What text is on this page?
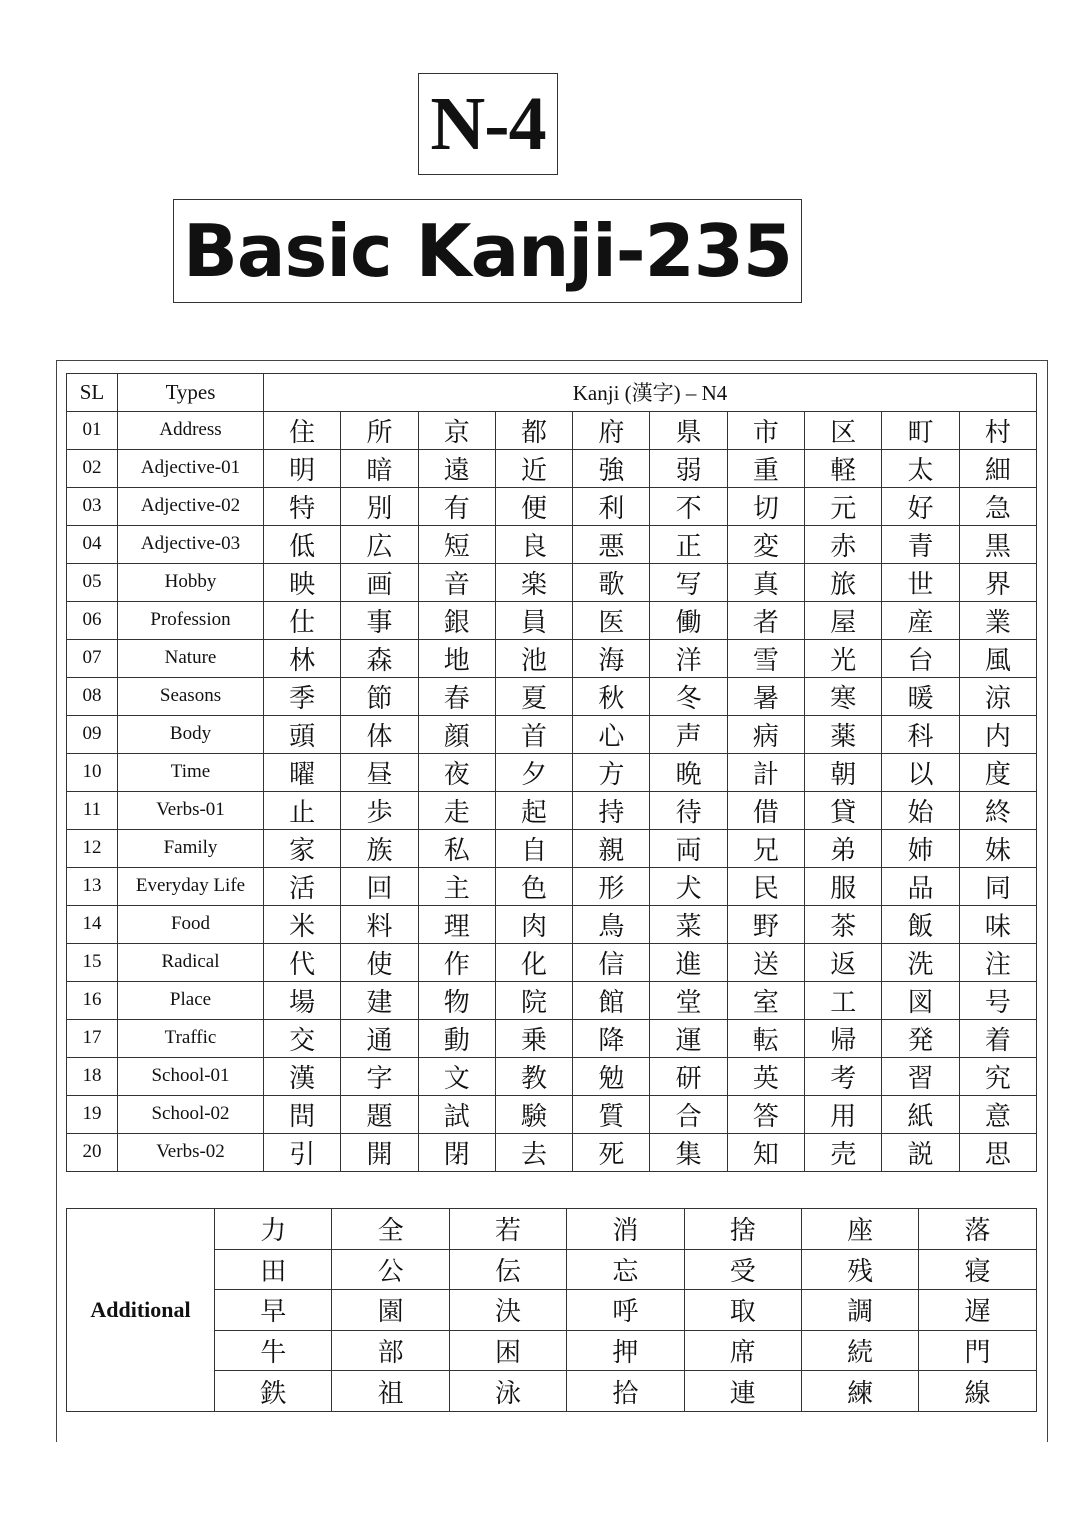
N-4
Basic Kanji-235
SL	Types	Kanji (漢字) – N4									
01	Address	住	所	京	都	府	県	市	区	町	村
02	Adjective-01	明	暗	遠	近	強	弱	重	軽	太	細
03	Adjective-02	特	別	有	便	利	不	切	元	好	急
04	Adjective-03	低	広	短	良	悪	正	変	赤	青	黒
05	Hobby	映	画	音	楽	歌	写	真	旅	世	界
06	Profession	仕	事	銀	員	医	働	者	屋	産	業
07	Nature	林	森	地	池	海	洋	雪	光	台	風
08	Seasons	季	節	春	夏	秋	冬	暑	寒	暖	涼
09	Body	頭	体	顔	首	心	声	病	薬	科	内
10	Time	曜	昼	夜	夕	方	晩	計	朝	以	度
11	Verbs-01	止	歩	走	起	持	待	借	貸	始	終
12	Family	家	族	私	自	親	両	兄	弟	姉	妹
13	Everyday Life	活	回	主	色	形	犬	民	服	品	同
14	Food	米	料	理	肉	鳥	菜	野	茶	飯	味
15	Radical	代	使	作	化	信	進	送	返	洗	注
16	Place	場	建	物	院	館	堂	室	工	図	号
17	Traffic	交	通	動	乗	降	運	転	帰	発	着
18	School-01	漢	字	文	教	勉	研	英	考	習	究
19	School-02	問	題	試	験	質	合	答	用	紙	意
20	Verbs-02	引	開	閉	去	死	集	知	売	説	思
Additional	力	全	若	消	捨	座	落
	田	公	伝	忘	受	残	寝
	早	園	決	呼	取	調	遅
	牛	部	困	押	席	続	門
	鉄	祖	泳	拾	連	練	線
